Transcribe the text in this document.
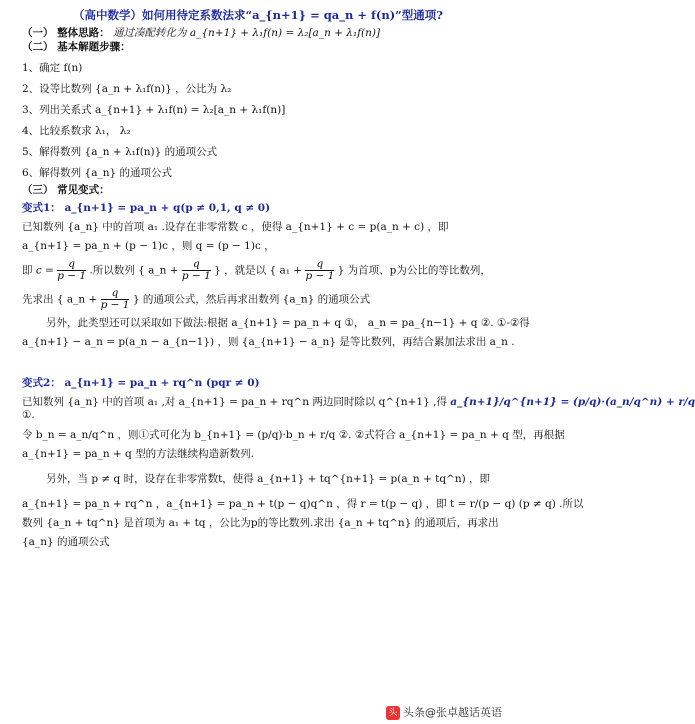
（高中数学）如何用待定系数法求“a_{n+1} = qa_n + f(n)”型通项?
（一） 整体思路： 通过凑配转化为 a_{n+1} + λ₁f(n) = λ₂[a_n + λ₁f(n)]
（二） 基本解题步骤：
1、确定 f(n)
2、设等比数列 {a_n + λ₁f(n)} ，公比为 λ₂
3、列出关系式 a_{n+1} + λ₁f(n) = λ₂[a_n + λ₁f(n)]
4、比较系数求 λ₁， λ₂
5、解得数列 {a_n + λ₁f(n)} 的通项公式
6、解得数列 {a_n} 的通项公式
（三） 常见变式：
变式1： a_{n+1} = pa_n + q(p ≠ 0,1, q ≠ 0)
已知数列 {a_n} 中的首项 a₁ .设存在非零常数 c ，使得 a_{n+1} + c = p(a_n + c) ，即
a_{n+1} = pa_n + (p − 1)c ，则 q = (p − 1)c ，
即 $c = \frac{q}{p - 1}$ .所以数列 { a_n + $\frac{q}{p - 1}$ } ，就是以 { $a_1 + \frac{q}{p - 1}$ } 为首项、p为公比的等比数列，
先求出 { a_n + $\frac{q}{p - 1}$ } 的通项公式，然后再求出数列 {a_n} 的通项公式
另外，此类型还可以采取如下做法:根据 a_{n+1} = pa_n + q ①， a_n = pa_{n−1} + q ②. ①-②得
a_{n+1} − a_n = p(a_n − a_{n−1}) ，则 {a_{n+1} − a_n} 是等比数列，再结合累加法求出 a_n .
变式2： a_{n+1} = pa_n + rq^n (pqr ≠ 0)
已知数列 {a_n} 中的首项 a₁ ,对 a_{n+1} = pa_n + rq^n 两边同时除以 q^{n+1} ,得 a_{n+1}/q^{n+1} = (p/q)·(a_n/q^n) + r/q
①.
令 b_n = a_n/q^n ，则①式可化为 b_{n+1} = (p/q)·b_n + r/q ②. ②式符合 a_{n+1} = pa_n + q 型，再根据
a_{n+1} = pa_n + q 型的方法继续构造新数列.
另外，当 p ≠ q 时，设存在非零常数t，使得 a_{n+1} + tq^{n+1} = p(a_n + tq^n) ，即
a_{n+1} = pa_n + rq^n ，a_{n+1} = pa_n + t(p − q)q^n ，得 r = t(p − q) ，即 t = r/(p − q) (p ≠ q) .所以
数列 {a_n + tq^n} 是首项为 a₁ + tq ，公比为p的等比数列.求出 {a_n + tq^n} 的通项后，再求出
{a_n} 的通项公式
头 头条@张卓越话英语
